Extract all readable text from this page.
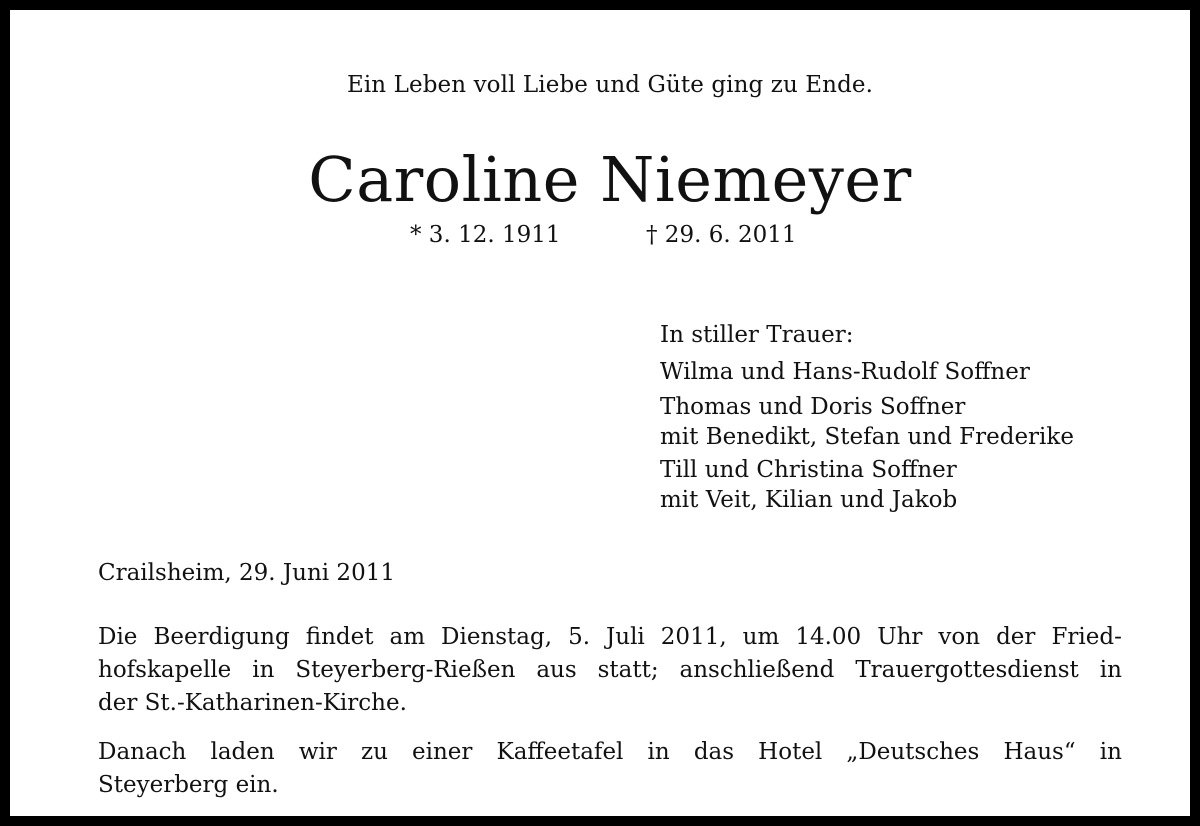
Ein Leben voll Liebe und Güte ging zu Ende.
Caroline Niemeyer
* 3. 12. 1911	† 29. 6. 2011
In stiller Trauer:
Wilma und Hans-Rudolf Soffner
Thomas und Doris Soffner
mit Benedikt, Stefan und Frederike
Till und Christina Soffner
mit Veit, Kilian und Jakob
Crailsheim, 29. Juni 2011
Die Beerdigung findet am Dienstag, 5. Juli 2011, um 14.00 Uhr von der Fried-
hofskapelle in Steyerberg-Rießen aus statt; anschließend Trauergottesdienst in
der St.-Katharinen-Kirche.
Danach laden wir zu einer Kaffeetafel in das Hotel „Deutsches Haus“ in
Steyerberg ein.
